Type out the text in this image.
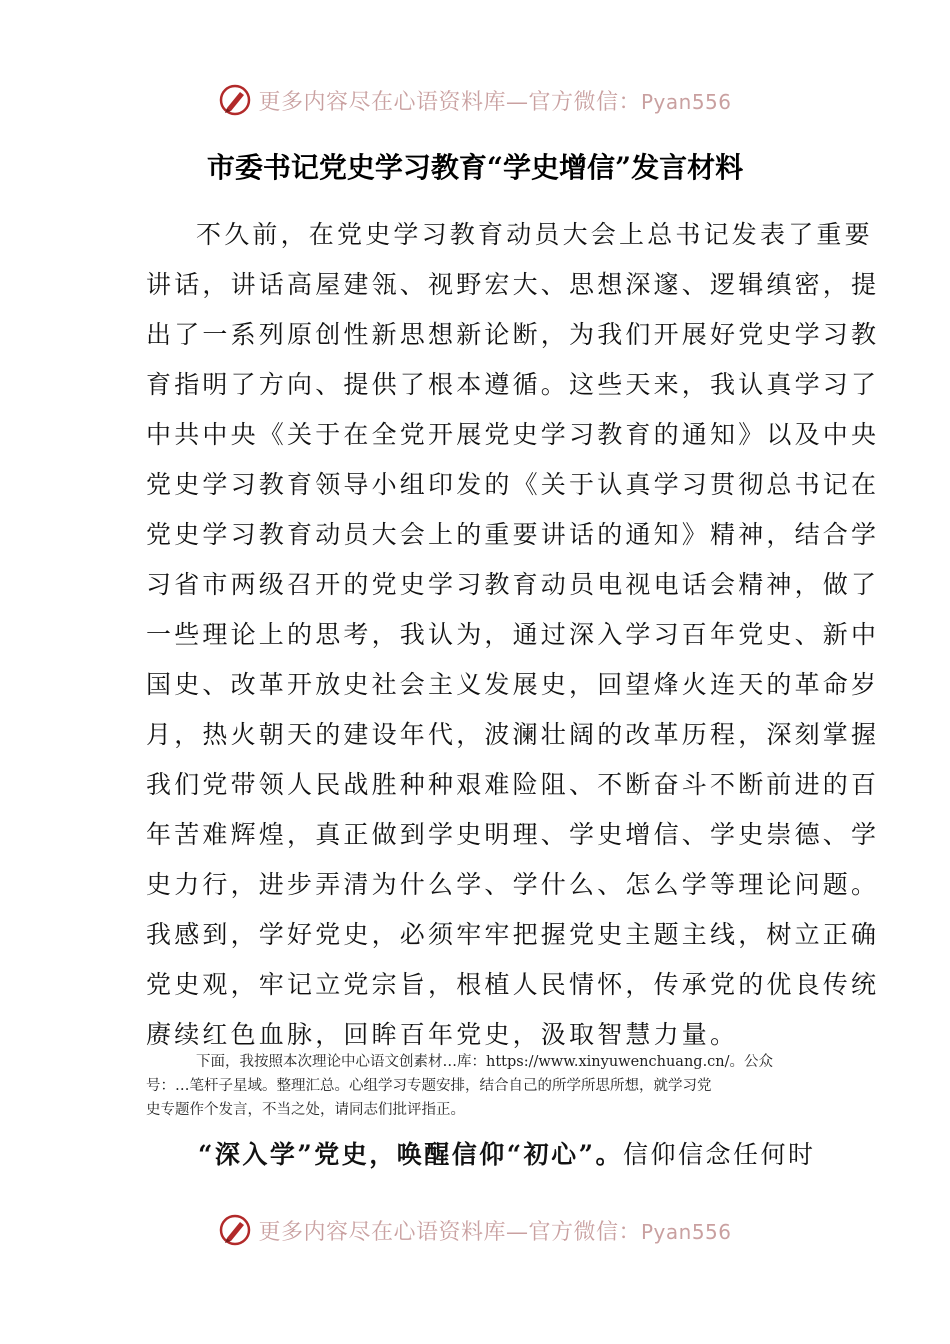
更多内容尽在心语资料库—官方微信：Pyan556
市委书记党史学习教育“学史增信”发言材料
不久前，在党史学习教育动员大会上总书记发表了重要
讲话，讲话高屋建瓴、视野宏大、思想深邃、逻辑缜密，提
出了一系列原创性新思想新论断，为我们开展好党史学习教
育指明了方向、提供了根本遵循。这些天来，我认真学习了
中共中央《关于在全党开展党史学习教育的通知》以及中央
党史学习教育领导小组印发的《关于认真学习贯彻总书记在
党史学习教育动员大会上的重要讲话的通知》精神，结合学
习省市两级召开的党史学习教育动员电视电话会精神，做了
一些理论上的思考，我认为，通过深入学习百年党史、新中
国史、改革开放史社会主义发展史，回望烽火连天的革命岁
月，热火朝天的建设年代，波澜壮阔的改革历程，深刻掌握
我们党带领人民战胜种种艰难险阻、不断奋斗不断前进的百
年苦难辉煌，真正做到学史明理、学史增信、学史崇德、学
史力行，进步弄清为什么学、学什么、怎么学等理论问题。
我感到，学好党史，必须牢牢把握党史主题主线，树立正确
党史观，牢记立党宗旨，根植人民情怀，传承党的优良传统
赓续红色血脉，回眸百年党史，汲取智慧力量。
下面，我按照本次理论中心语文创素材…库：https://www.xinyuwenchuang.cn/。公众
号：…笔杆子星域。整理汇总。心组学习专题安排，结合自己的所学所思所想，就学习党
史专题作个发言，不当之处，请同志们批评指正。
“深入学”党史，唤醒信仰“初心”。信仰信念任何时
更多内容尽在心语资料库—官方微信：Pyan556
